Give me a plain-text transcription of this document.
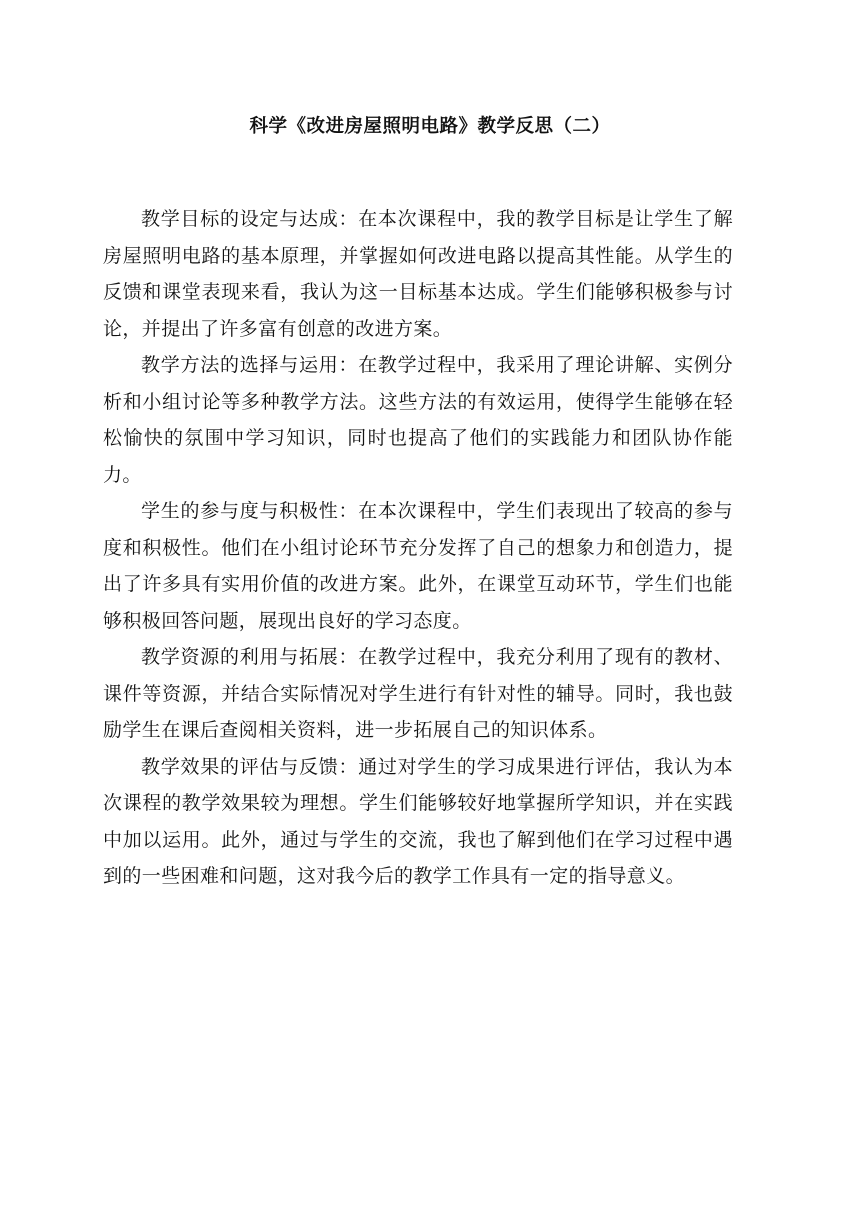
科学《改进房屋照明电路》教学反思（二）

教学目标的设定与达成：在本次课程中，我的教学目标是让学生了解房屋照明电路的基本原理，并掌握如何改进电路以提高其性能。从学生的反馈和课堂表现来看，我认为这一目标基本达成。学生们能够积极参与讨论，并提出了许多富有创意的改进方案。

教学方法的选择与运用：在教学过程中，我采用了理论讲解、实例分析和小组讨论等多种教学方法。这些方法的有效运用，使得学生能够在轻松愉快的氛围中学习知识，同时也提高了他们的实践能力和团队协作能力。

学生的参与度与积极性：在本次课程中，学生们表现出了较高的参与度和积极性。他们在小组讨论环节充分发挥了自己的想象力和创造力，提出了许多具有实用价值的改进方案。此外，在课堂互动环节，学生们也能够积极回答问题，展现出良好的学习态度。

教学资源的利用与拓展：在教学过程中，我充分利用了现有的教材、课件等资源，并结合实际情况对学生进行有针对性的辅导。同时，我也鼓励学生在课后查阅相关资料，进一步拓展自己的知识体系。

教学效果的评估与反馈：通过对学生的学习成果进行评估，我认为本次课程的教学效果较为理想。学生们能够较好地掌握所学知识，并在实践中加以运用。此外，通过与学生的交流，我也了解到他们在学习过程中遇到的一些困难和问题，这对我今后的教学工作具有一定的指导意义。
